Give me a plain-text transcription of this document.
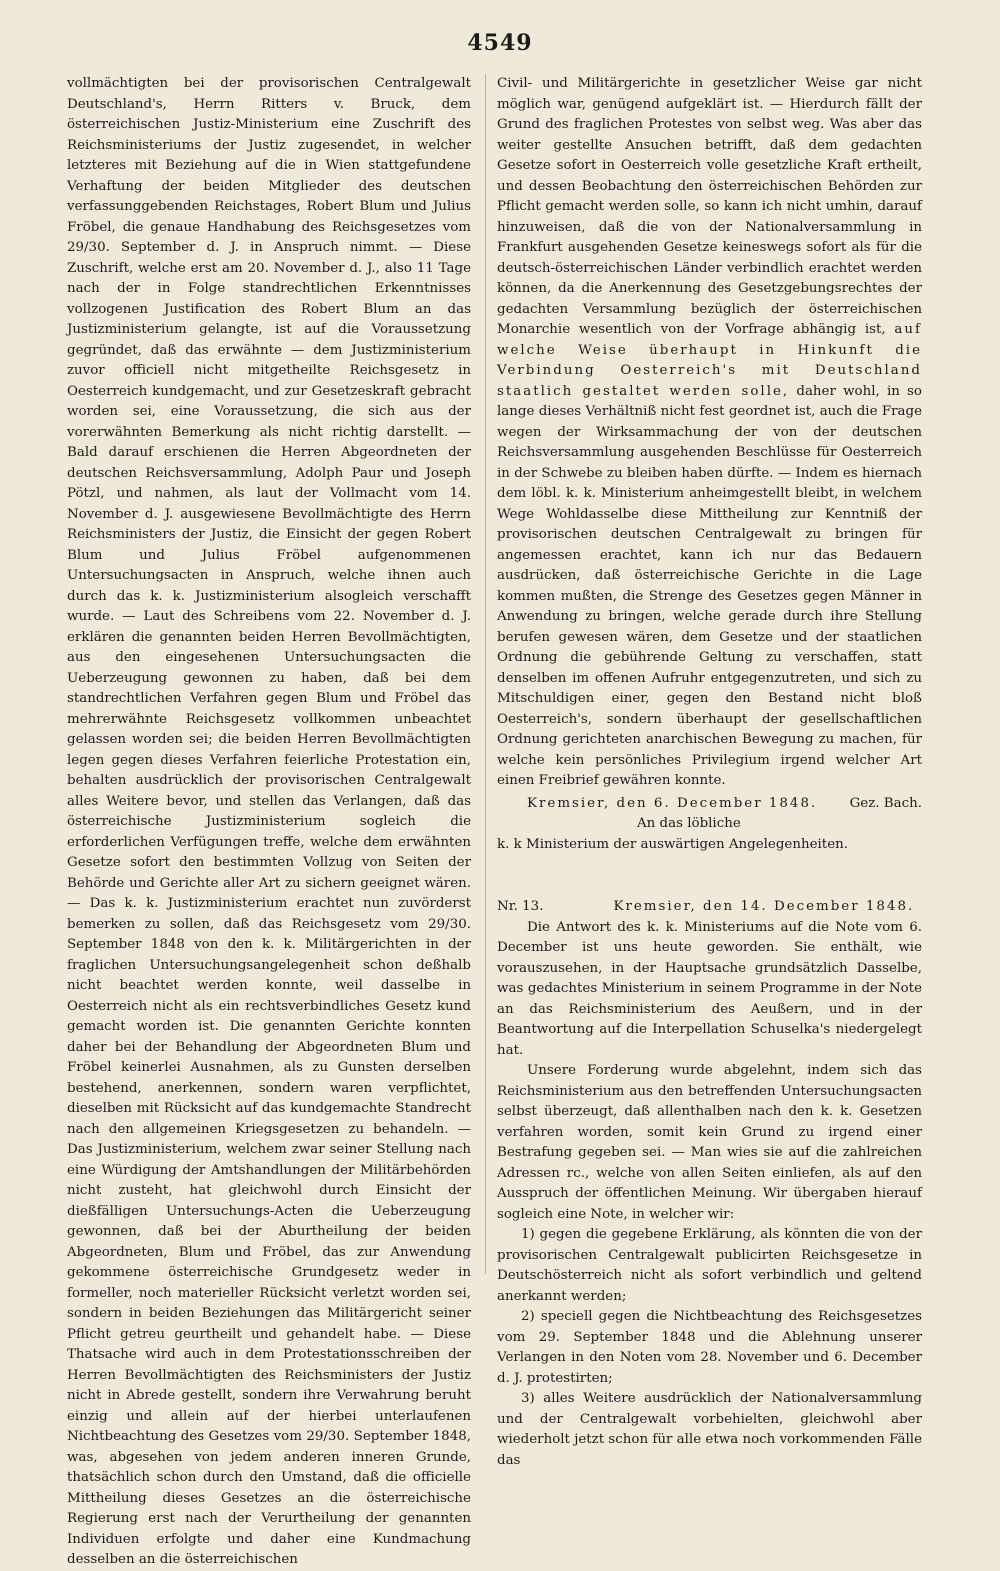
4549

vollmächtigten bei der provisorischen Centralgewalt Deutschland's, Herrn Ritters v. Bruck, dem österreichischen Justiz-Ministerium eine Zuschrift des Reichsministeriums der Justiz zugesendet, in welcher letzteres mit Beziehung auf die in Wien stattgefundene Verhaftung der beiden Mitglieder des deutschen verfassunggebenden Reichstages, Robert Blum und Julius Fröbel, die genaue Handhabung des Reichsgesetzes vom 29/30. September d. J. in Anspruch nimmt. — Diese Zuschrift, welche erst am 20. November d. J., also 11 Tage nach der in Folge standrechtlichen Erkenntnisses vollzogenen Justification des Robert Blum an das Justizministerium gelangte, ist auf die Voraussetzung gegründet, daß das erwähnte — dem Justizministerium zuvor officiell nicht mitgetheilte Reichsgesetz in Oesterreich kundgemacht, und zur Gesetzeskraft gebracht worden sei, eine Voraussetzung, die sich aus der vorerwähnten Bemerkung als nicht richtig darstellt. — Bald darauf erschienen die Herren Abgeordneten der deutschen Reichsversammlung, Adolph Paur und Joseph Pötzl, und nahmen, als laut der Vollmacht vom 14. November d. J. ausgewiesene Bevollmächtigte des Herrn Reichsministers der Justiz, die Einsicht der gegen Robert Blum und Julius Fröbel aufgenommenen Untersuchungsacten in Anspruch, welche ihnen auch durch das k. k. Justizministerium alsogleich verschafft wurde. — Laut des Schreibens vom 22. November d. J. erklären die genannten beiden Herren Bevollmächtigten, aus den eingesehenen Untersuchungsacten die Ueberzeugung gewonnen zu haben, daß bei dem standrechtlichen Verfahren gegen Blum und Fröbel das mehrerwähnte Reichsgesetz vollkommen unbeachtet gelassen worden sei; die beiden Herren Bevollmächtigten legen gegen dieses Verfahren feierliche Protestation ein, behalten ausdrücklich der provisorischen Centralgewalt alles Weitere bevor, und stellen das Verlangen, daß das österreichische Justizministerium sogleich die erforderlichen Verfügungen treffe, welche dem erwähnten Gesetze sofort den bestimmten Vollzug von Seiten der Behörde und Gerichte aller Art zu sichern geeignet wären. — Das k. k. Justizministerium erachtet nun zuvörderst bemerken zu sollen, daß das Reichsgesetz vom 29/30. September 1848 von den k. k. Militärgerichten in der fraglichen Untersuchungsangelegenheit schon deßhalb nicht beachtet werden konnte, weil dasselbe in Oesterreich nicht als ein rechtsverbindliches Gesetz kund gemacht worden ist. Die genannten Gerichte konnten daher bei der Behandlung der Abgeordneten Blum und Fröbel keinerlei Ausnahmen, als zu Gunsten derselben bestehend, anerkennen, sondern waren verpflichtet, dieselben mit Rücksicht auf das kundgemachte Standrecht nach den allgemeinen Kriegsgesetzen zu behandeln. — Das Justizministerium, welchem zwar seiner Stellung nach eine Würdigung der Amtshandlungen der Militärbehörden nicht zusteht, hat gleichwohl durch Einsicht der dießfälligen Untersuchungs-Acten die Ueberzeugung gewonnen, daß bei der Aburtheilung der beiden Abgeordneten, Blum und Fröbel, das zur Anwendung gekommene österreichische Grundgesetz weder in formeller, noch materieller Rücksicht verletzt worden sei, sondern in beiden Beziehungen das Militärgericht seiner Pflicht getreu geurtheilt und gehandelt habe. — Diese Thatsache wird auch in dem Protestationsschreiben der Herren Bevollmächtigten des Reichsministers der Justiz nicht in Abrede gestellt, sondern ihre Verwahrung beruht einzig und allein auf der hierbei unterlaufenen Nichtbeachtung des Gesetzes vom 29/30. September 1848, was, abgesehen von jedem anderen inneren Grunde, thatsächlich schon durch den Umstand, daß die officielle Mittheilung dieses Gesetzes an die österreichische Regierung erst nach der Verurtheilung der genannten Individuen erfolgte und daher eine Kundmachung desselben an die österreichischen

Civil- und Militärgerichte in gesetzlicher Weise gar nicht möglich war, genügend aufgeklärt ist. — Hierdurch fällt der Grund des fraglichen Protestes von selbst weg. Was aber das weiter gestellte Ansuchen betrifft, daß dem gedachten Gesetze sofort in Oesterreich volle gesetzliche Kraft ertheilt, und dessen Beobachtung den österreichischen Behörden zur Pflicht gemacht werden solle, so kann ich nicht umhin, darauf hinzuweisen, daß die von der Nationalversammlung in Frankfurt ausgehenden Gesetze keineswegs sofort als für die deutsch-österreichischen Länder verbindlich erachtet werden können, da die Anerkennung des Gesetzgebungsrechtes der gedachten Versammlung bezüglich der österreichischen Monarchie wesentlich von der Vorfrage abhängig ist, auf welche Weise überhaupt in Hinkunft die Verbindung Oesterreich's mit Deutschland staatlich gestaltet werden solle, daher wohl, in so lange dieses Verhältniß nicht fest geordnet ist, auch die Frage wegen der Wirksammachung der von der deutschen Reichsversammlung ausgehenden Beschlüsse für Oesterreich in der Schwebe zu bleiben haben dürfte. — Indem es hiernach dem löbl. k. k. Ministerium anheimgestellt bleibt, in welchem Wege Wohldasselbe diese Mittheilung zur Kenntniß der provisorischen deutschen Centralgewalt zu bringen für angemessen erachtet, kann ich nur das Bedauern ausdrücken, daß österreichische Gerichte in die Lage kommen mußten, die Strenge des Gesetzes gegen Männer in Anwendung zu bringen, welche gerade durch ihre Stellung berufen gewesen wären, dem Gesetze und der staatlichen Ordnung die gebührende Geltung zu verschaffen, statt denselben im offenen Aufruhr entgegenzutreten, und sich zu Mitschuldigen einer, gegen den Bestand nicht bloß Oesterreich's, sondern überhaupt der gesellschaftlichen Ordnung gerichteten anarchischen Bewegung zu machen, für welche kein persönliches Privilegium irgend welcher Art einen Freibrief gewähren konnte.

Kremsier, den 6. December 1848. Gez. Bach.

An das löbliche

k. k Ministerium der auswärtigen Angelegenheiten.

Nr. 13.	Kremsier, den 14. December 1848.

Die Antwort des k. k. Ministeriums auf die Note vom 6. December ist uns heute geworden. Sie enthält, wie vorauszusehen, in der Hauptsache grundsätzlich Dasselbe, was gedachtes Ministerium in seinem Programme in der Note an das Reichsministerium des Aeußern, und in der Beantwortung auf die Interpellation Schuselka's niedergelegt hat.

Unsere Forderung wurde abgelehnt, indem sich das Reichsministerium aus den betreffenden Untersuchungsacten selbst überzeugt, daß allenthalben nach den k. k. Gesetzen verfahren worden, somit kein Grund zu irgend einer Bestrafung gegeben sei. — Man wies sie auf die zahlreichen Adressen rc., welche von allen Seiten einliefen, als auf den Ausspruch der öffentlichen Meinung. Wir übergaben hierauf sogleich eine Note, in welcher wir:

1) gegen die gegebene Erklärung, als könnten die von der provisorischen Centralgewalt publicirten Reichsgesetze in Deutschösterreich nicht als sofort verbindlich und geltend anerkannt werden;

2) speciell gegen die Nichtbeachtung des Reichsgesetzes vom 29. September 1848 und die Ablehnung unserer Verlangen in den Noten vom 28. November und 6. December d. J. protestirten;

3) alles Weitere ausdrücklich der Nationalversammlung und der Centralgewalt vorbehielten, gleichwohl aber wiederholt jetzt schon für alle etwa noch vorkommenden Fälle das
